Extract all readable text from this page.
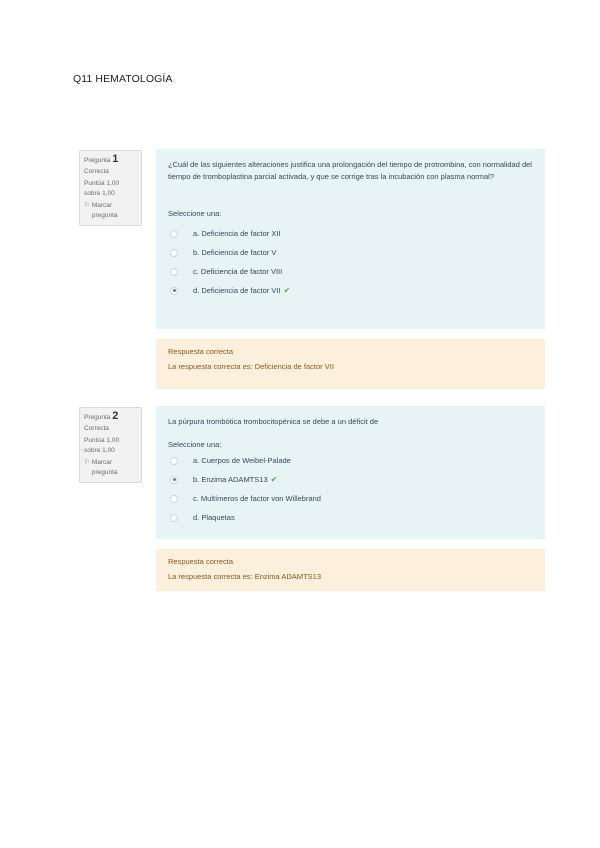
Q11 HEMATOLOGÍA
Pregunta 1
Correcta
Puntúa 1,00 sobre 1,00
⚐ Marcar pregunta
¿Cuál de las siguientes alteraciones justifica una prolongación del tiempo de protrombina, con normalidad del tiempo de tromboplastina parcial activada, y que se corrige tras la incubación con plasma normal?
Seleccione una:
a. Deficiencia de factor XII
b. Deficiencia de factor V
c. Deficiencia de factor VIII
d. Deficiencia de factor VII ✔
Respuesta correcta
La respuesta correcta es: Deficiencia de factor VII
Pregunta 2
Correcta
Puntúa 1,00 sobre 1,00
⚐ Marcar pregunta
La púrpura trombótica trombocitopénica se debe a un déficit de
Seleccione una:
a. Cuerpos de Weibel-Palade
b. Enzima ADAMTS13 ✔
c. Multímeros de factor von Willebrand
d. Plaquetas
Respuesta correcta
La respuesta correcta es: Enzima ADAMTS13
